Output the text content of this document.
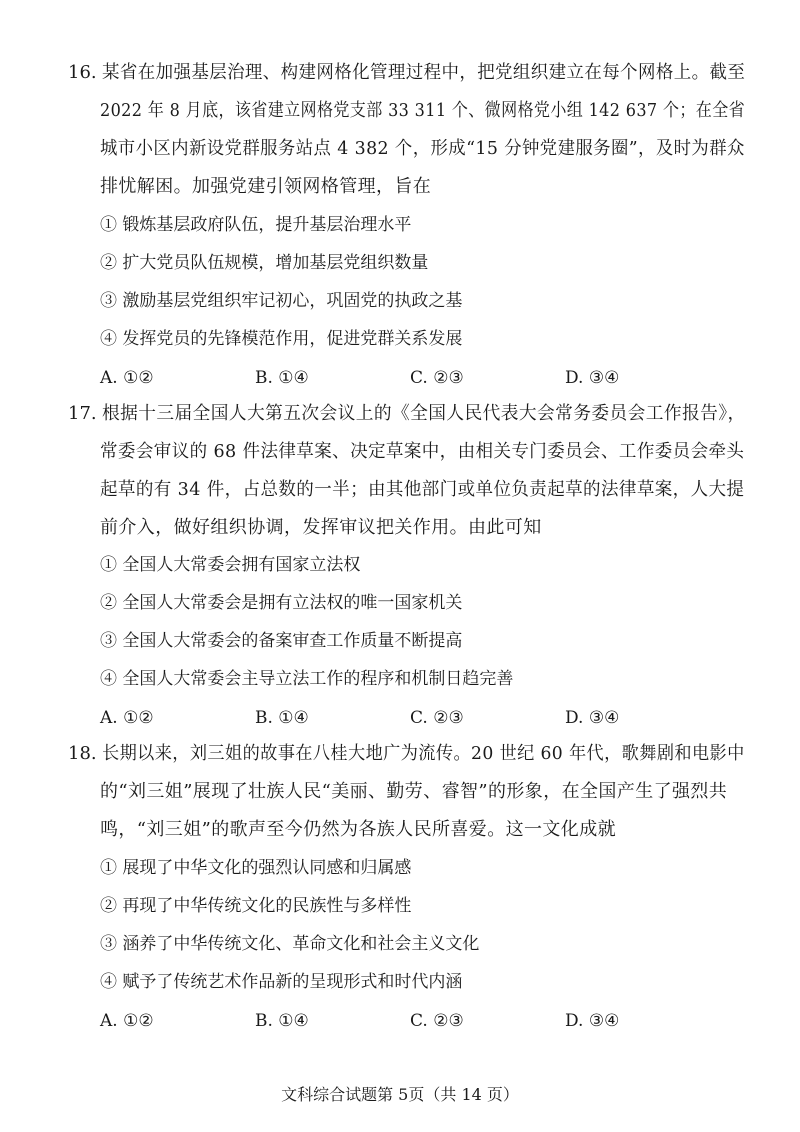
16. 某省在加强基层治理、构建网格化管理过程中，把党组织建立在每个网格上。截至
2022 年 8 月底，该省建立网格党支部 33 311 个、微网格党小组 142 637 个；在全省
城市小区内新设党群服务站点 4 382 个，形成“15 分钟党建服务圈”，及时为群众
排忧解困。加强党建引领网格管理，旨在
① 锻炼基层政府队伍，提升基层治理水平
② 扩大党员队伍规模，增加基层党组织数量
③ 激励基层党组织牢记初心，巩固党的执政之基
④ 发挥党员的先锋模范作用，促进党群关系发展
A. ①②	B. ①④	C. ②③	D. ③④
17. 根据十三届全国人大第五次会议上的《全国人民代表大会常务委员会工作报告》，
常委会审议的 68 件法律草案、决定草案中，由相关专门委员会、工作委员会牵头
起草的有 34 件，占总数的一半；由其他部门或单位负责起草的法律草案，人大提
前介入，做好组织协调，发挥审议把关作用。由此可知
① 全国人大常委会拥有国家立法权
② 全国人大常委会是拥有立法权的唯一国家机关
③ 全国人大常委会的备案审查工作质量不断提高
④ 全国人大常委会主导立法工作的程序和机制日趋完善
A. ①②	B. ①④	C. ②③	D. ③④
18. 长期以来，刘三姐的故事在八桂大地广为流传。20 世纪 60 年代，歌舞剧和电影中
的“刘三姐”展现了壮族人民“美丽、勤劳、睿智”的形象，在全国产生了强烈共
鸣，“刘三姐”的歌声至今仍然为各族人民所喜爱。这一文化成就
① 展现了中华文化的强烈认同感和归属感
② 再现了中华传统文化的民族性与多样性
③ 涵养了中华传统文化、革命文化和社会主义文化
④ 赋予了传统艺术作品新的呈现形式和时代内涵
A. ①②	B. ①④	C. ②③	D. ③④
文科综合试题第 5页（共 14 页）
